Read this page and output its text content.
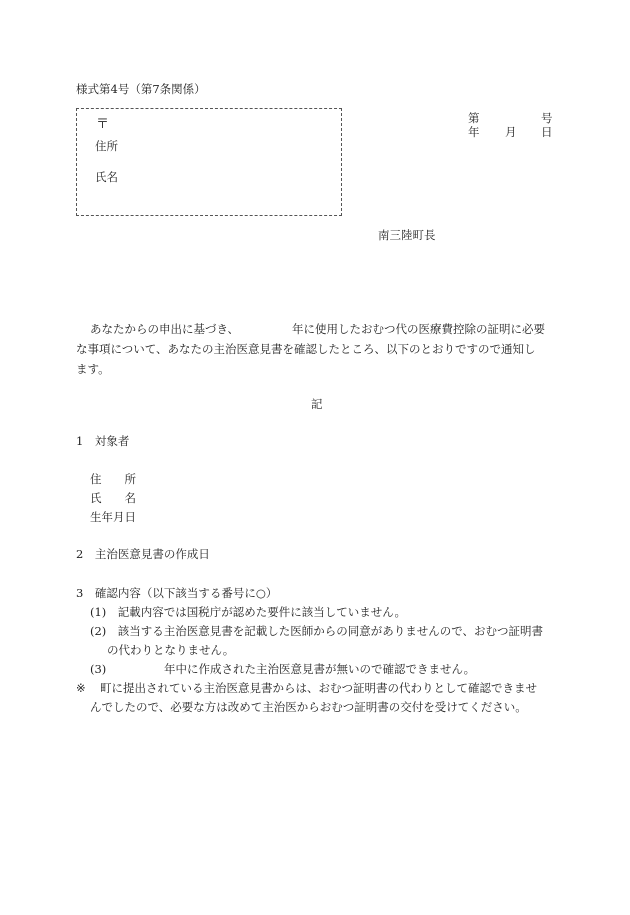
様式第4号（第7条関係）
〒
住所
氏名
第	号
年 月 日
南三陸町長
あなたからの申出に基づき、	年に使用したおむつ代の医療費控除の証明に必要
な事項について、あなたの主治医意見書を確認したところ、以下のとおりですので通知し
ます。
記
1　対象者
住　　所
氏　　名
生年月日
2　主治医意見書の作成日
3　確認内容（以下該当する番号に○）
(1)　記載内容では国税庁が認めた要件に該当していません。
(2)　該当する主治医意見書を記載した医師からの同意がありませんので、おむつ証明書
の代わりとなりません。
(3)	年中に作成された主治医意見書が無いので確認できません。
※ 町に提出されている主治医意見書からは、おむつ証明書の代わりとして確認できませ
んでしたので、必要な方は改めて主治医からおむつ証明書の交付を受けてください。
